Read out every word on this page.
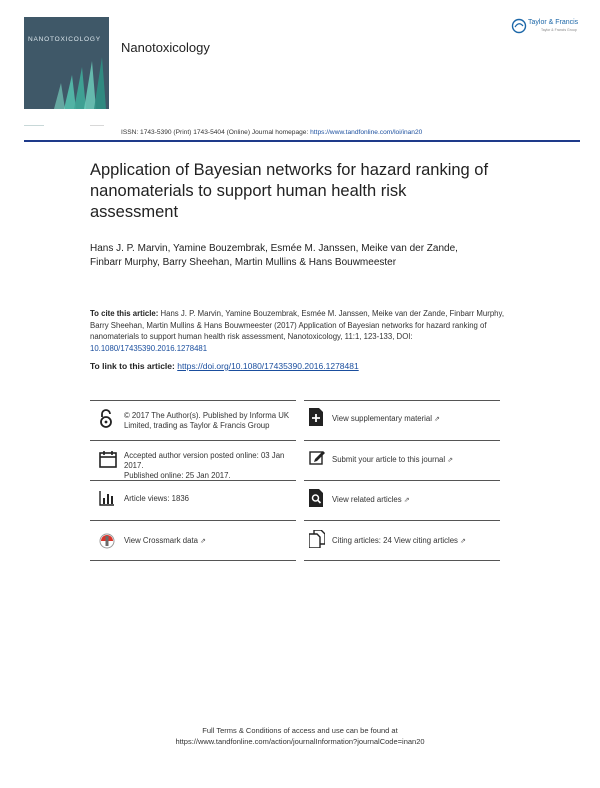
NANOTOXICOLOGY
Nanotoxicology
Taylor & Francis
Taylor & Francis Group
ISSN: 1743-5390 (Print) 1743-5404 (Online) Journal homepage: https://www.tandfonline.com/loi/inan20
Application of Bayesian networks for hazard ranking of nanomaterials to support human health risk assessment
Hans J. P. Marvin, Yamine Bouzembrak, Esmée M. Janssen, Meike van der Zande, Finbarr Murphy, Barry Sheehan, Martin Mullins & Hans Bouwmeester
To cite this article: Hans J. P. Marvin, Yamine Bouzembrak, Esmée M. Janssen, Meike van der Zande, Finbarr Murphy, Barry Sheehan, Martin Mullins & Hans Bouwmeester (2017) Application of Bayesian networks for hazard ranking of nanomaterials to support human health risk assessment, Nanotoxicology, 11:1, 123-133, DOI: 10.1080/17435390.2016.1278481
To link to this article: https://doi.org/10.1080/17435390.2016.1278481
© 2017 The Author(s). Published by Informa UK Limited, trading as Taylor & Francis Group
View supplementary material ⇗
Accepted author version posted online: 03 Jan 2017.
Published online: 25 Jan 2017.
Submit your article to this journal ⇗
Article views: 1836	View related articles ⇗
View Crossmark data ⇗	Citing articles: 24 View citing articles ⇗
Full Terms & Conditions of access and use can be found at
https://www.tandfonline.com/action/journalInformation?journalCode=inan20
